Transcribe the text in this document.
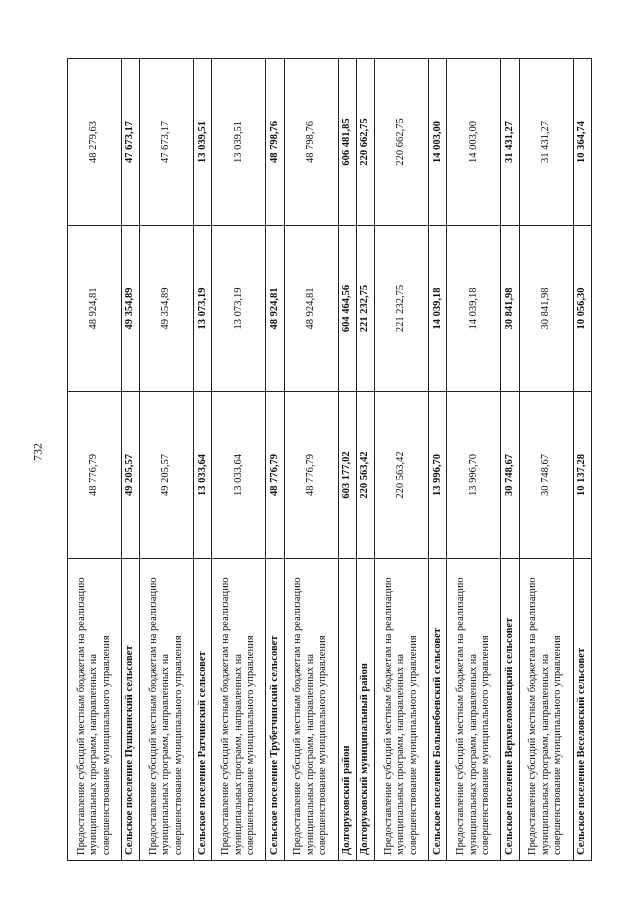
732
Предоставление субсидий местным бюджетам на реализацию муниципальных программ, направленных на совершенствование муниципального управления	48 776,79	48 924,81	48 279,63
Сельское поселение Пушкинский сельсовет	49 205,57	49 354,89	47 673,17
Предоставление субсидий местным бюджетам на реализацию муниципальных программ, направленных на совершенствование муниципального управления	49 205,57	49 354,89	47 673,17
Сельское поселение Ратчинский сельсовет	13 033,64	13 073,19	13 039,51
Предоставление субсидий местным бюджетам на реализацию муниципальных программ, направленных на совершенствование муниципального управления	13 033,64	13 073,19	13 039,51
Сельское поселение Трубетчинский сельсовет	48 776,79	48 924,81	48 798,76
Предоставление субсидий местным бюджетам на реализацию муниципальных программ, направленных на совершенствование муниципального управления	48 776,79	48 924,81	48 798,76
Долгоруковский район	603 177,02	604 464,56	606 481,85
Долгоруковский муниципальный район	220 563,42	221 232,75	220 662,75
Предоставление субсидий местным бюджетам на реализацию муниципальных программ, направленных на совершенствование муниципального управления	220 563,42	221 232,75	220 662,75
Сельское поселение Большебоевский сельсовет	13 996,70	14 039,18	14 003,00
Предоставление субсидий местным бюджетам на реализацию муниципальных программ, направленных на совершенствование муниципального управления	13 996,70	14 039,18	14 003,00
Сельское поселение Верхнеломовецкий сельсовет	30 748,67	30 841,98	31 431,27
Предоставление субсидий местным бюджетам на реализацию муниципальных программ, направленных на совершенствование муниципального управления	30 748,67	30 841,98	31 431,27
Сельское поселение Веселовский сельсовет	10 137,28	10 056,30	10 364,74
